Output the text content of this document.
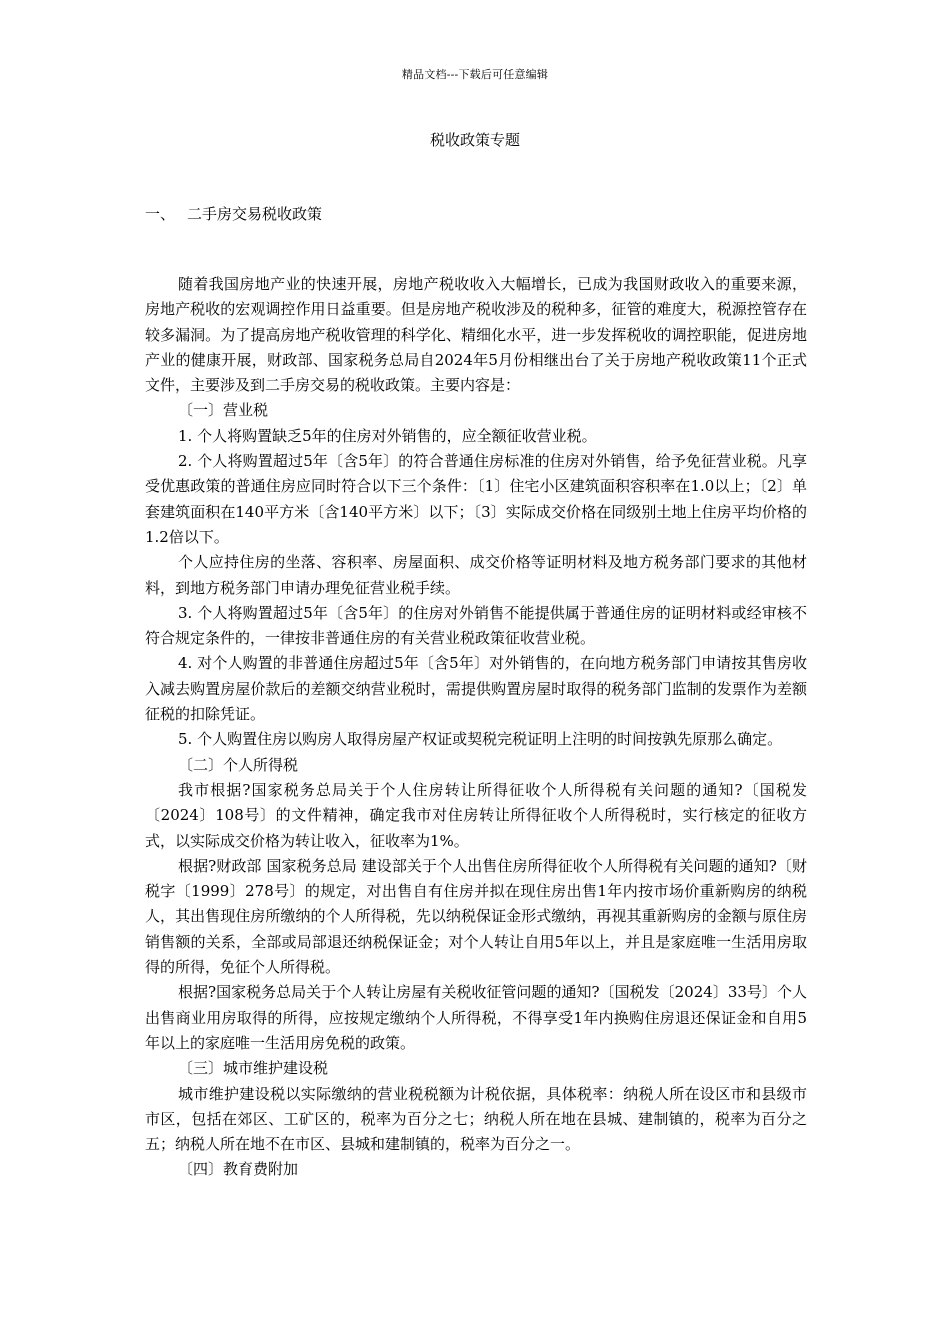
精品文档---下载后可任意编辑
税收政策专题
一、 二手房交易税收政策

随着我国房地产业的快速开展，房地产税收收入大幅增长，已成为我国财政收入的重要来源，房地产税收的宏观调控作用日益重要。但是房地产税收涉及的税种多，征管的难度大，税源控管存在较多漏洞。为了提高房地产税收管理的科学化、精细化水平，进一步发挥税收的调控职能，促进房地产业的健康开展，财政部、国家税务总局自2024年5月份相继出台了关于房地产税收政策11个正式文件，主要涉及到二手房交易的税收政策。主要内容是：

〔一〕营业税

1. 个人将购置缺乏5年的住房对外销售的，应全额征收营业税。

2. 个人将购置超过5年〔含5年〕的符合普通住房标准的住房对外销售，给予免征营业税。凡享受优惠政策的普通住房应同时符合以下三个条件：〔1〕住宅小区建筑面积容积率在1.0以上；〔2〕单套建筑面积在140平方米〔含140平方米〕以下；〔3〕实际成交价格在同级别土地上住房平均价格的1.2倍以下。

个人应持住房的坐落、容积率、房屋面积、成交价格等证明材料及地方税务部门要求的其他材料，到地方税务部门申请办理免征营业税手续。

3. 个人将购置超过5年〔含5年〕的住房对外销售不能提供属于普通住房的证明材料或经审核不符合规定条件的，一律按非普通住房的有关营业税政策征收营业税。

4. 对个人购置的非普通住房超过5年〔含5年〕对外销售的，在向地方税务部门申请按其售房收入减去购置房屋价款后的差额交纳营业税时，需提供购置房屋时取得的税务部门监制的发票作为差额征税的扣除凭证。

5. 个人购置住房以购房人取得房屋产权证或契税完税证明上注明的时间按孰先原那么确定。

〔二〕个人所得税

我市根据?国家税务总局关于个人住房转让所得征收个人所得税有关问题的通知?〔国税发〔2024〕108号〕的文件精神，确定我市对住房转让所得征收个人所得税时，实行核定的征收方式，以实际成交价格为转让收入，征收率为1%。

根据?财政部 国家税务总局 建设部关于个人出售住房所得征收个人所得税有关问题的通知?〔财税字〔1999〕278号〕的规定，对出售自有住房并拟在现住房出售1年内按市场价重新购房的纳税人，其出售现住房所缴纳的个人所得税，先以纳税保证金形式缴纳，再视其重新购房的金额与原住房销售额的关系，全部或局部退还纳税保证金；对个人转让自用5年以上，并且是家庭唯一生活用房取得的所得，免征个人所得税。

根据?国家税务总局关于个人转让房屋有关税收征管问题的通知?〔国税发〔2024〕33号〕个人出售商业用房取得的所得，应按规定缴纳个人所得税，不得享受1年内换购住房退还保证金和自用5年以上的家庭唯一生活用房免税的政策。

〔三〕城市维护建设税

城市维护建设税以实际缴纳的营业税税额为计税依据，具体税率：纳税人所在设区市和县级市市区，包括在郊区、工矿区的，税率为百分之七；纳税人所在地在县城、建制镇的，税率为百分之五；纳税人所在地不在市区、县城和建制镇的，税率为百分之一。

〔四〕教育费附加
